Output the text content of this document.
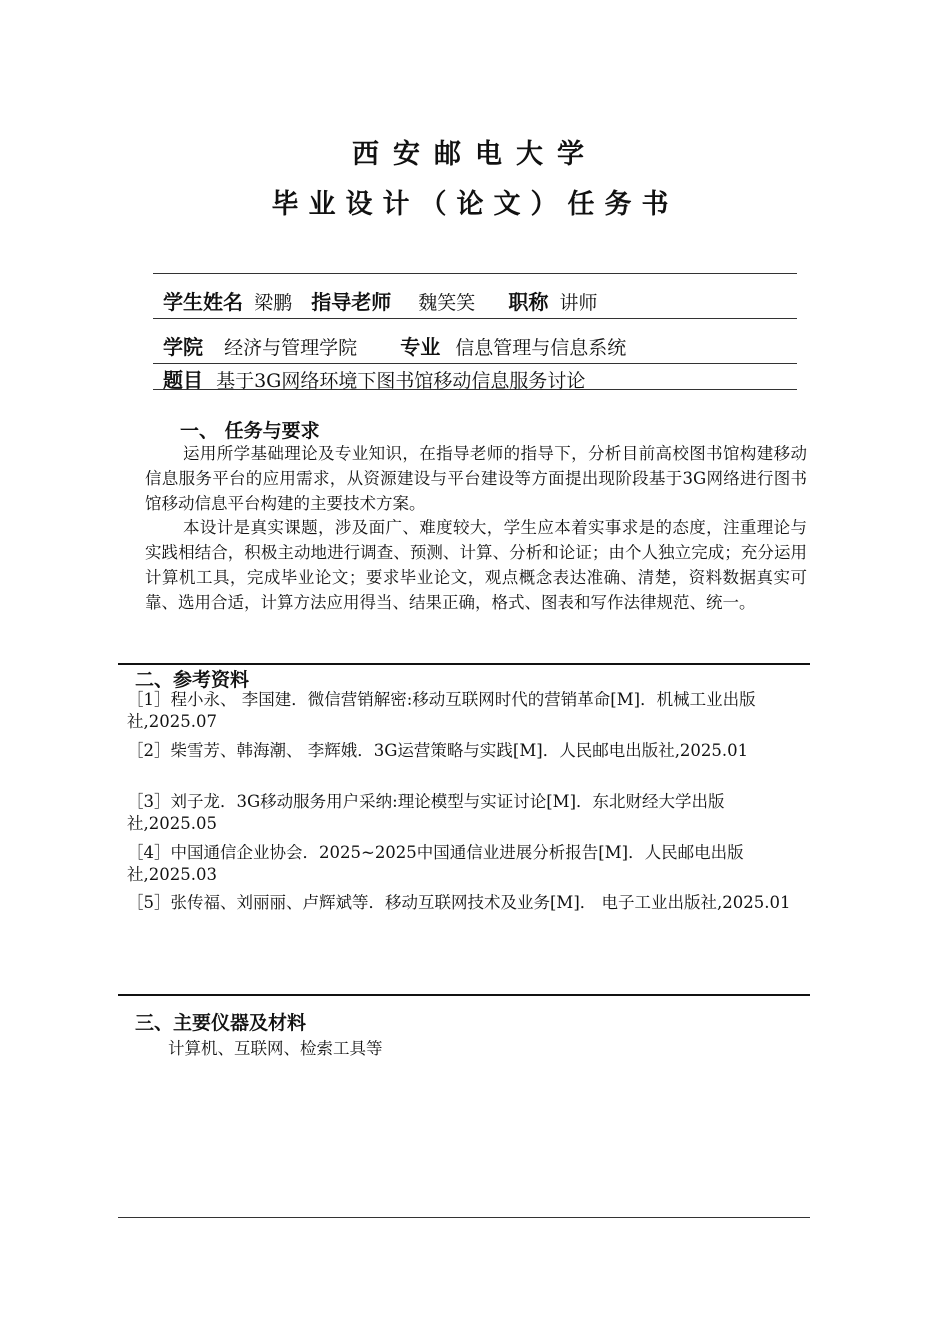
西安邮电大学
毕业设计（论文）任务书
学生姓名 梁鹏 指导老师 魏笑笑 职称 讲师
学院 经济与管理学院 专业 信息管理与信息系统
题目 基于3G网络环境下图书馆移动信息服务讨论
一、 任务与要求
运用所学基础理论及专业知识，在指导老师的指导下，分析目前高校图书馆构建移动信息服务平台的应用需求，从资源建设与平台建设等方面提出现阶段基于3G网络进行图书馆移动信息平台构建的主要技术方案。
本设计是真实课题，涉及面广、难度较大，学生应本着实事求是的态度，注重理论与实践相结合，积极主动地进行调查、预测、计算、分析和论证；由个人独立完成；充分运用计算机工具，完成毕业论文；要求毕业论文，观点概念表达准确、清楚，资料数据真实可靠、选用合适，计算方法应用得当、结果正确，格式、图表和写作法律规范、统一。
二、参考资料
［1］程小永、 李国建．微信营销解密:移动互联网时代的营销革命[M]．机械工业出版社,2025.07
［2］柴雪芳、韩海潮、 李辉娥．3G运营策略与实践[M]．人民邮电出版社,2025.01
［3］刘子龙．3G移动服务用户采纳:理论模型与实证讨论[M]．东北财经大学出版社,2025.05
［4］中国通信企业协会．2025~2025中国通信业进展分析报告[M]．人民邮电出版社,2025.03
［5］张传福、刘丽丽、卢辉斌等．移动互联网技术及业务[M]． 电子工业出版社,2025.01
三、主要仪器及材料
计算机、互联网、检索工具等
